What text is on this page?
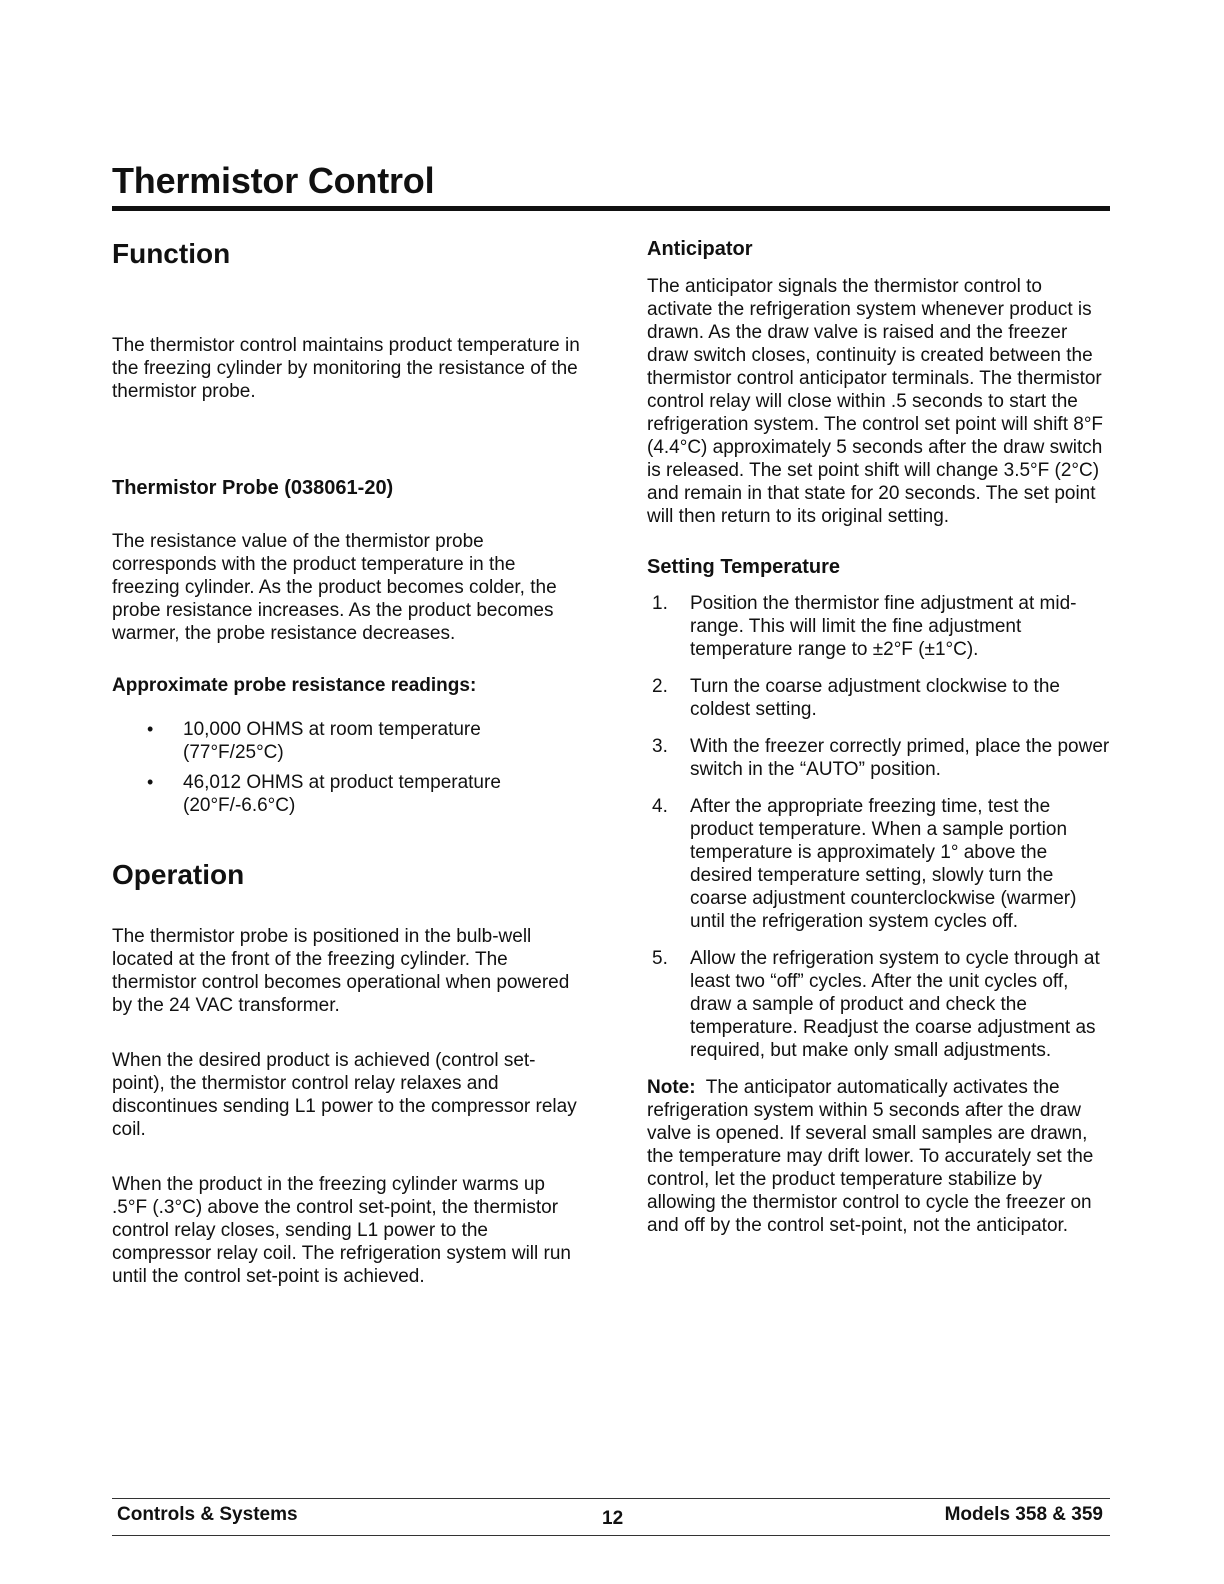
Thermistor Control
Function

The thermistor control maintains product temperature in the freezing cylinder by monitoring the resistance of the thermistor probe.

Thermistor Probe (038061-20)

The resistance value of the thermistor probe corresponds with the product temperature in the freezing cylinder. As the product becomes colder, the probe resistance increases. As the product becomes warmer, the probe resistance decreases.

Approximate probe resistance readings:
• 10,000 OHMS at room temperature (77°F/25°C)
• 46,012 OHMS at product temperature (20°F/-6.6°C)
Operation

The thermistor probe is positioned in the bulb-well located at the front of the freezing cylinder. The thermistor control becomes operational when powered by the 24 VAC transformer.

When the desired product is achieved (control set-point), the thermistor control relay relaxes and discontinues sending L1 power to the compressor relay coil.

When the product in the freezing cylinder warms up .5°F (.3°C) above the control set-point, the thermistor control relay closes, sending L1 power to the compressor relay coil. The refrigeration system will run until the control set-point is achieved.

Anticipator

The anticipator signals the thermistor control to activate the refrigeration system whenever product is drawn. As the draw valve is raised and the freezer draw switch closes, continuity is created between the thermistor control anticipator terminals. The thermistor control relay will close within .5 seconds to start the refrigeration system. The control set point will shift 8°F (4.4°C) approximately 5 seconds after the draw switch is released. The set point shift will change 3.5°F (2°C) and remain in that state for 20 seconds. The set point will then return to its original setting.

Setting Temperature
1. Position the thermistor fine adjustment at mid-range. This will limit the fine adjustment temperature range to ±2°F (±1°C).
2. Turn the coarse adjustment clockwise to the coldest setting.
3. With the freezer correctly primed, place the power switch in the “AUTO” position.
4. After the appropriate freezing time, test the product temperature. When a sample portion temperature is approximately 1° above the desired temperature setting, slowly turn the coarse adjustment counterclockwise (warmer) until the refrigeration system cycles off.
5. Allow the refrigeration system to cycle through at least two “off” cycles. After the unit cycles off, draw a sample of product and check the temperature. Readjust the coarse adjustment as required, but make only small adjustments.

Note: The anticipator automatically activates the refrigeration system within 5 seconds after the draw valve is opened. If several small samples are drawn, the temperature may drift lower. To accurately set the control, let the product temperature stabilize by allowing the thermistor control to cycle the freezer on and off by the control set-point, not the anticipator.

Controls & Systems	12	Models 358 & 359
